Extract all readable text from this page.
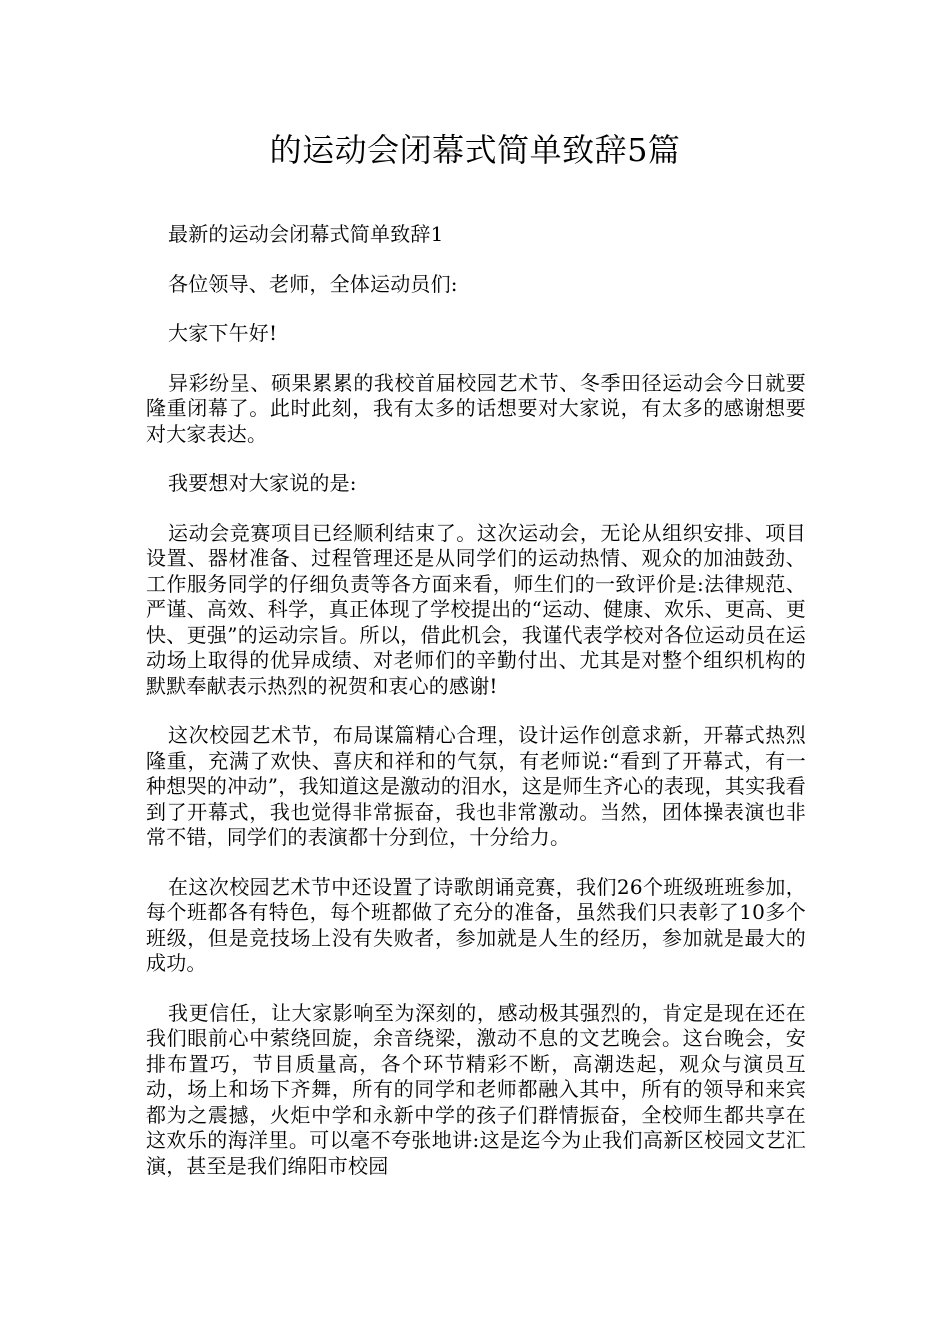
的运动会闭幕式简单致辞5篇

最新的运动会闭幕式简单致辞1

各位领导、老师，全体运动员们:

大家下午好!

异彩纷呈、硕果累累的我校首届校园艺术节、冬季田径运动会今日就要隆重闭幕了。此时此刻，我有太多的话想要对大家说，有太多的感谢想要对大家表达。

我要想对大家说的是:

运动会竞赛项目已经顺利结束了。这次运动会，无论从组织安排、项目设置、器材准备、过程管理还是从同学们的运动热情、观众的加油鼓劲、工作服务同学的仔细负责等各方面来看，师生们的一致评价是:法律规范、严谨、高效、科学，真正体现了学校提出的“运动、健康、欢乐、更高、更快、更强”的运动宗旨。所以，借此机会，我谨代表学校对各位运动员在运动场上取得的优异成绩、对老师们的辛勤付出、尤其是对整个组织机构的默默奉献表示热烈的祝贺和衷心的感谢!

这次校园艺术节，布局谋篇精心合理，设计运作创意求新，开幕式热烈隆重，充满了欢快、喜庆和祥和的气氛，有老师说:“看到了开幕式，有一种想哭的冲动”，我知道这是激动的泪水，这是师生齐心的表现，其实我看到了开幕式，我也觉得非常振奋，我也非常激动。当然，团体操表演也非常不错，同学们的表演都十分到位，十分给力。

在这次校园艺术节中还设置了诗歌朗诵竞赛，我们26个班级班班参加，每个班都各有特色，每个班都做了充分的准备，虽然我们只表彰了10多个班级，但是竞技场上没有失败者，参加就是人生的经历，参加就是最大的成功。

我更信任，让大家影响至为深刻的，感动极其强烈的，肯定是现在还在我们眼前心中萦绕回旋，余音绕梁，激动不息的文艺晚会。这台晚会，安排布置巧，节目质量高，各个环节精彩不断，高潮迭起，观众与演员互动，场上和场下齐舞，所有的同学和老师都融入其中，所有的领导和来宾都为之震撼，火炬中学和永新中学的孩子们群情振奋，全校师生都共享在这欢乐的海洋里。可以毫不夸张地讲:这是迄今为止我们高新区校园文艺汇演，甚至是我们绵阳市校园
